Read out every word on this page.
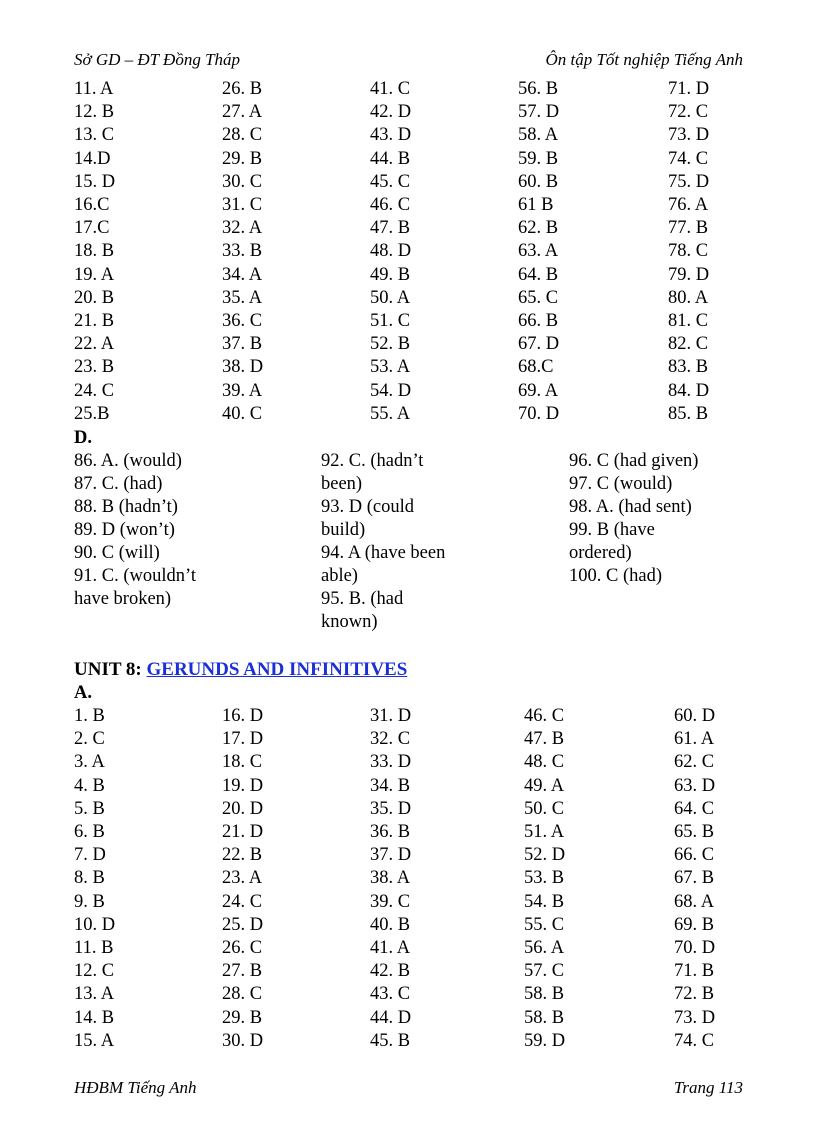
Sở GD – ĐT Đồng Tháp	Ôn tập Tốt nghiệp Tiếng Anh
11. A
12. B
13. C
14.D
15. D
16.C
17.C
18. B
19. A
20. B
21. B
22. A
23. B
24. C
25.B
26. B
27. A
28. C
29. B
30. C
31. C
32. A
33. B
34. A
35. A
36. C
37. B
38. D
39. A
40. C
41. C
42. D
43. D
44. B
45. C
46. C
47. B
48. D
49. B
50. A
51. C
52. B
53. A
54. D
55. A
56. B
57. D
58. A
59. B
60. B
61 B
62. B
63. A
64. B
65. C
66. B
67. D
68.C
69. A
70. D
71. D
72. C
73. D
74. C
75. D
76. A
77. B
78. C
79. D
80. A
81. C
82. C
83. B
84. D
85. B
D.
UNIT 8: GERUNDS AND INFINITIVES
A.
1. B
2. C
3. A
4. B
5. B
6. B
7. D
8. B
9. B
10. D
11. B
12. C
13. A
14. B
15. A
16. D
17. D
18. C
19. D
20. D
21. D
22. B
23. A
24. C
25. D
26. C
27. B
28. C
29. B
30. D
31. D
32. C
33. D
34. B
35. D
36. B
37. D
38. A
39. C
40. B
41. A
42. B
43. C
44. D
45. B
46. C
47. B
48. C
49. A
50. C
51. A
52. D
53. B
54. B
55. C
56. A
57. C
58. B
58. B
59. D
60. D
61. A
62. C
63. D
64. C
65. B
66. C
67. B
68. A
69. B
70. D
71. B
72. B
73. D
74. C
HĐBM Tiếng Anh	Trang 113
86. A. (would)
87. C. (had)
88. B (hadn’t)
89. D (won’t)
90. C (will)
91. C. (wouldn’t
have broken)
92. C. (hadn’t
been)
93. D (could
build)
94. A (have been
able)
95. B. (had
known)
96. C (had given)
97. C (would)
98. A. (had sent)
99. B (have
ordered)
100. C (had)
